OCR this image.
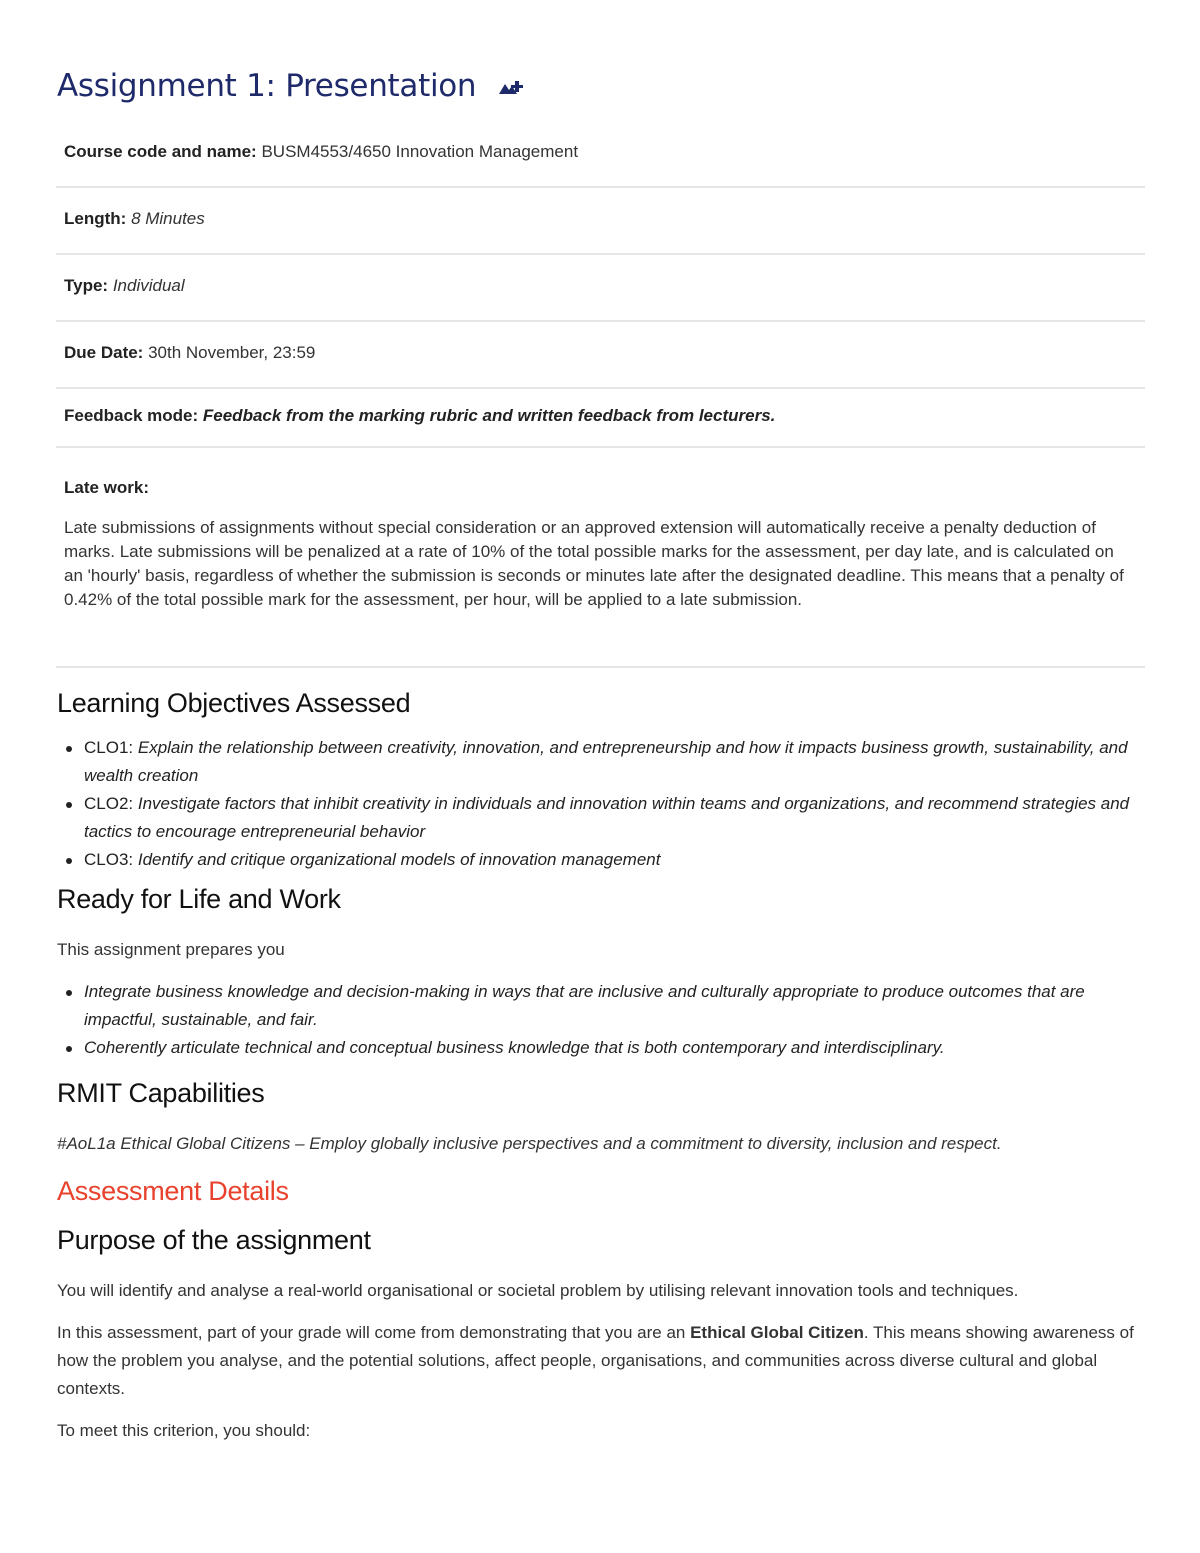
Assignment 1: Presentation
Course code and name: BUSM4553/4650 Innovation Management
Length: 8 Minutes
Type: Individual
Due Date: 30th November, 23:59
Feedback mode: Feedback from the marking rubric and written feedback from lecturers.
Late work:

Late submissions of assignments without special consideration or an approved extension will automatically receive a penalty deduction of marks. Late submissions will be penalized at a rate of 10% of the total possible marks for the assessment, per day late, and is calculated on an 'hourly' basis, regardless of whether the submission is seconds or minutes late after the designated deadline. This means that a penalty of 0.42% of the total possible mark for the assessment, per hour, will be applied to a late submission.

Learning Objectives Assessed
CLO1: Explain the relationship between creativity, innovation, and entrepreneurship and how it impacts business growth, sustainability, and wealth creation
CLO2: Investigate factors that inhibit creativity in individuals and innovation within teams and organizations, and recommend strategies and tactics to encourage entrepreneurial behavior
CLO3: Identify and critique organizational models of innovation management
Ready for Life and Work

This assignment prepares you

Integrate business knowledge and decision-making in ways that are inclusive and culturally appropriate to produce outcomes that are impactful, sustainable, and fair.
Coherently articulate technical and conceptual business knowledge that is both contemporary and interdisciplinary.
RMIT Capabilities

#AoL1a Ethical Global Citizens – Employ globally inclusive perspectives and a commitment to diversity, inclusion and respect.

Assessment Details
Purpose of the assignment

You will identify and analyse a real-world organisational or societal problem by utilising relevant innovation tools and techniques.

In this assessment, part of your grade will come from demonstrating that you are an Ethical Global Citizen. This means showing awareness of how the problem you analyse, and the potential solutions, affect people, organisations, and communities across diverse cultural and global contexts.

To meet this criterion, you should:
